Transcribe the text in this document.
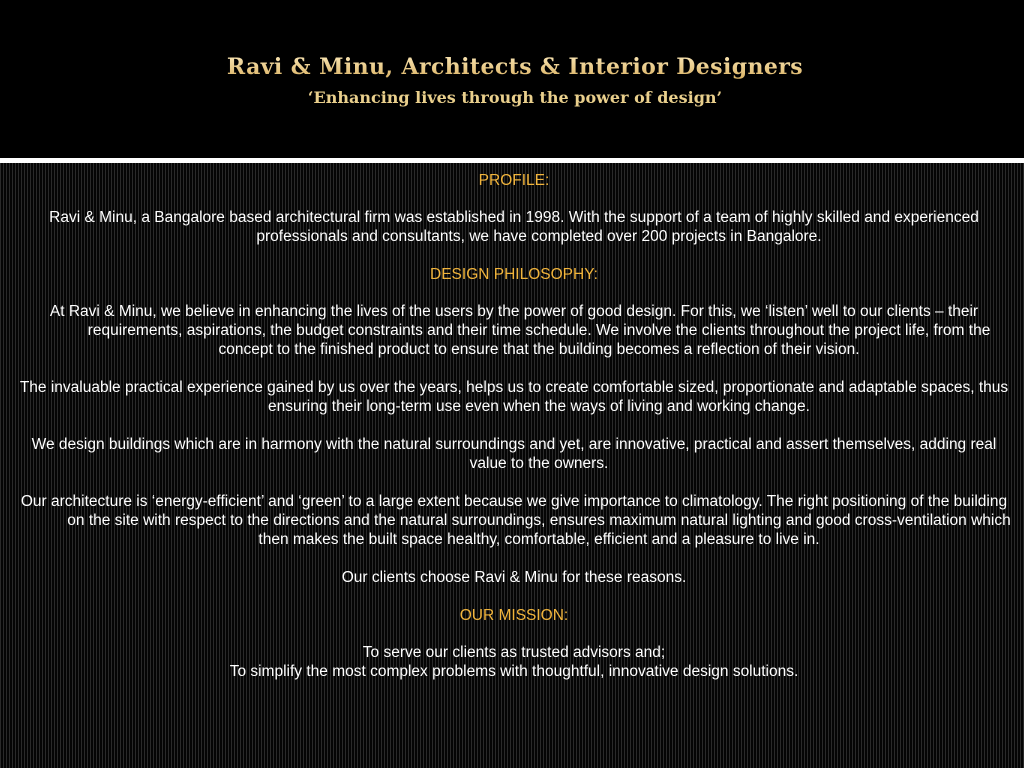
Ravi & Minu, Architects & Interior Designers
‘Enhancing lives through the power of design’
PROFILE:
Ravi & Minu, a Bangalore based architectural firm was established in 1998. With the support of a team of highly skilled and experienced professionals and consultants, we have completed over 200 projects in Bangalore.
DESIGN PHILOSOPHY:
At Ravi & Minu, we believe in enhancing the lives of the users by the power of good design. For this, we ‘listen’ well to our clients – their requirements, aspirations, the budget constraints and their time schedule. We involve the clients throughout the project life, from the concept to the finished product to ensure that the building becomes a reflection of their vision.
The invaluable practical experience gained by us over the years, helps us to create comfortable sized, proportionate and adaptable spaces, thus ensuring their long-term use even when the ways of living and working change.
We design buildings which are in harmony with the natural surroundings and yet, are innovative, practical and assert themselves, adding real value to the owners.
Our architecture is ‘energy-efficient’ and ‘green’ to a large extent because we give importance to climatology. The right positioning of the building on the site with respect to the directions and the natural surroundings, ensures maximum natural lighting and good cross-ventilation which then makes the built space healthy, comfortable, efficient and a pleasure to live in.
Our clients choose Ravi & Minu for these reasons.
OUR MISSION:
To serve our clients as trusted advisors and;
To simplify the most complex problems with thoughtful, innovative design solutions.
